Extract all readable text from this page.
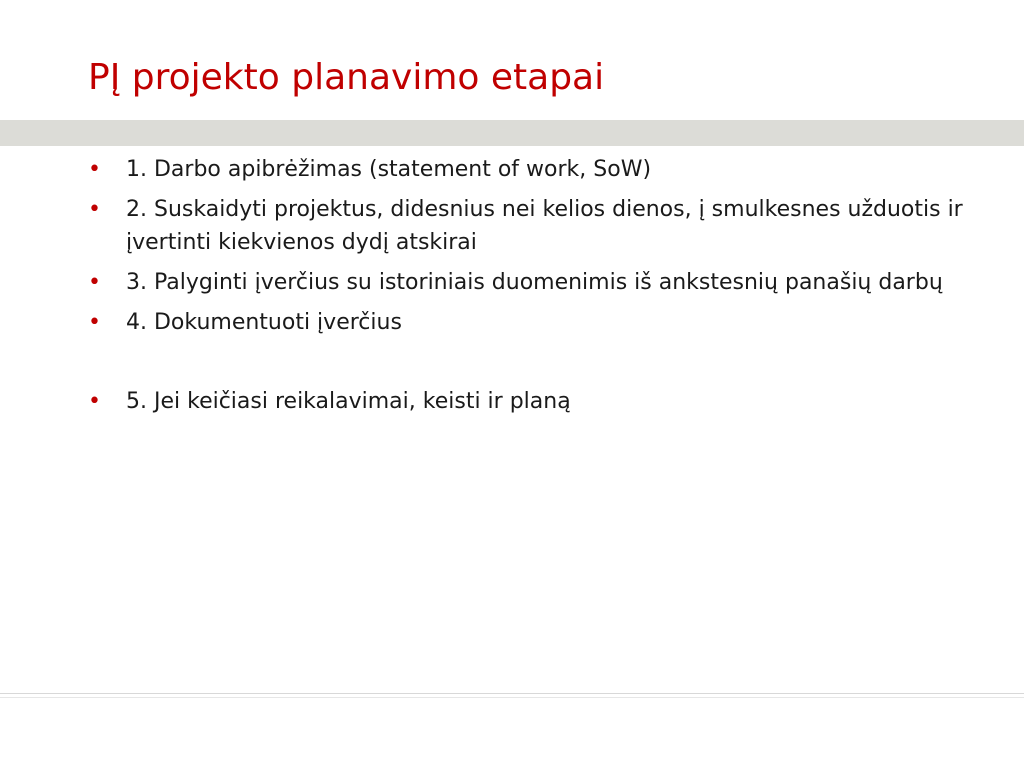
PĮ projekto planavimo etapai
• 1. Darbo apibrėžimas (statement of work, SoW)
• 2. Suskaidyti projektus, didesnius nei kelios dienos, į smulkesnes užduotis ir įvertinti kiekvienos dydį atskirai
• 3. Palyginti įverčius su istoriniais duomenimis iš ankstesnių panašių darbų
• 4. Dokumentuoti įverčius
• 5. Jei keičiasi reikalavimai, keisti ir planą
